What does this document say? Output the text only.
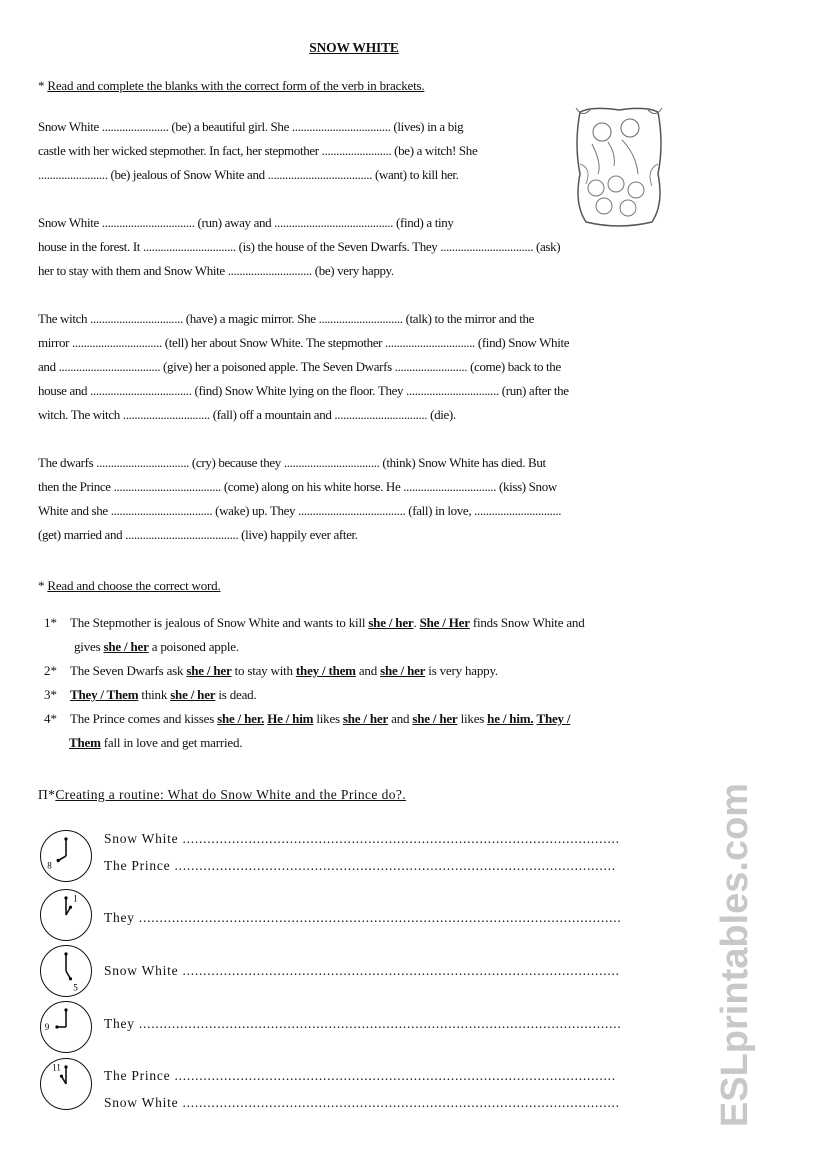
ESLprintables.com
SNOW WHITE
* Read and complete the blanks with the correct form of the verb in brackets.
Snow White ....................... (be) a beautiful girl. She .................................. (lives) in a big
castle with her wicked stepmother. In fact, her stepmother ........................ (be) a witch! She
........................ (be) jealous of Snow White and .................................... (want) to kill her.
Snow White ................................ (run) away and ......................................... (find) a tiny
house in the forest. It ................................ (is) the house of the Seven Dwarfs. They ................................ (ask)
her to stay with them and Snow White ............................. (be) very happy.
The witch ................................ (have) a magic mirror. She ............................. (talk) to the mirror and the
mirror ............................... (tell) her about Snow White. The stepmother ............................... (find) Snow White
and ................................... (give) her a poisoned apple. The Seven Dwarfs ......................... (come) back to the
house and ................................... (find) Snow White lying on the floor. They ................................ (run) after the
witch. The witch .............................. (fall) off a mountain and ................................ (die).
The dwarfs ................................ (cry) because they ................................. (think) Snow White has died. But
then the Prince ..................................... (come) along on his white horse. He ................................ (kiss) Snow
White and she ................................... (wake) up. They ..................................... (fall) in love, ..............................
(get) married and ....................................... (live) happily ever after.
* Read and choose the correct word.
1* The Stepmother is jealous of Snow White and wants to kill she / her. She / Her finds Snow White and
gives she / her a poisoned apple.
2* The Seven Dwarfs ask she / her to stay with they / them and she / her is very happy.
3* They / Them think she / her is dead.
4* The Prince comes and kisses she / her. He / him likes she / her and she / her likes he / him. They /
Them fall in love and get married.
Π*Creating a routine: What do Snow White and the Prince do?.
8
1
5
9
11
Snow White ..........................................................................................................
The Prince ...........................................................................................................
They .....................................................................................................................
Snow White ..........................................................................................................
They .....................................................................................................................
The Prince ...........................................................................................................
Snow White ..........................................................................................................
